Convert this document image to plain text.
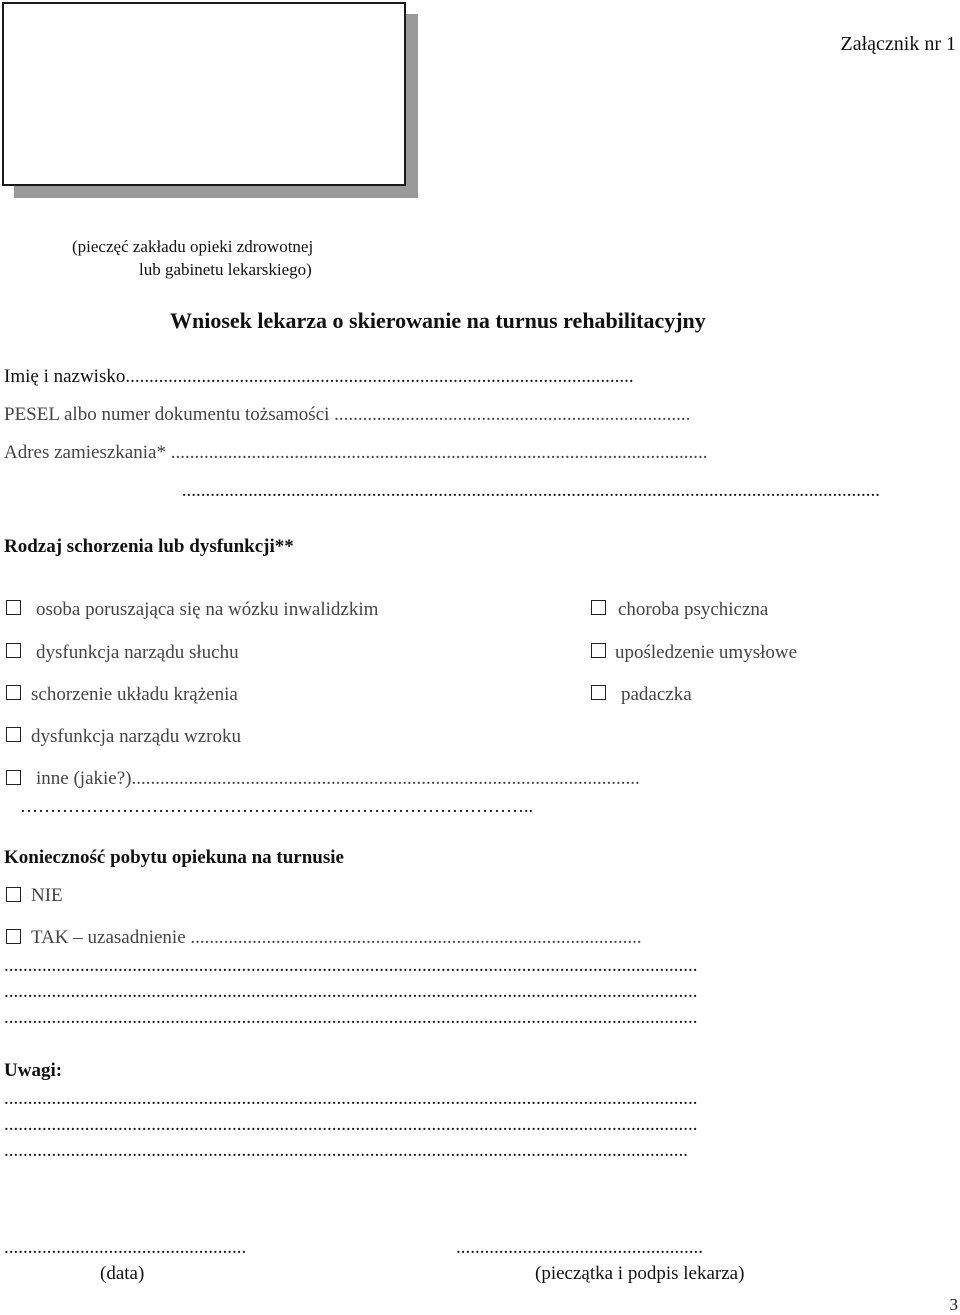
Załącznik nr 1
(pieczęć zakładu opieki zdrowotnej
lub gabinetu lekarskiego)
Wniosek lekarza o skierowanie na turnus rehabilitacyjny
Imię i nazwisko...........................................................................................................
PESEL albo numer dokumentu tożsamości ...........................................................................
Adres zamieszkania* .................................................................................................................
...................................................................................................................................................
Rodzaj schorzenia lub dysfunkcji**
osoba poruszająca się na wózku inwalidzkim
dysfunkcja narządu słuchu
schorzenie układu krążenia
dysfunkcja narządu wzroku
choroba psychiczna
upośledzenie umysłowe
padaczka
inne (jakie?)...........................................................................................................
…………………………………………………………………………..
Konieczność pobytu opiekuna na turnusie
NIE
TAK – uzasadnienie ...............................................................................................
..................................................................................................................................................
..................................................................................................................................................
..................................................................................................................................................
Uwagi:
..................................................................................................................................................
..................................................................................................................................................
................................................................................................................................................
...................................................
(data)
....................................................
(pieczątka i podpis lekarza)
3
